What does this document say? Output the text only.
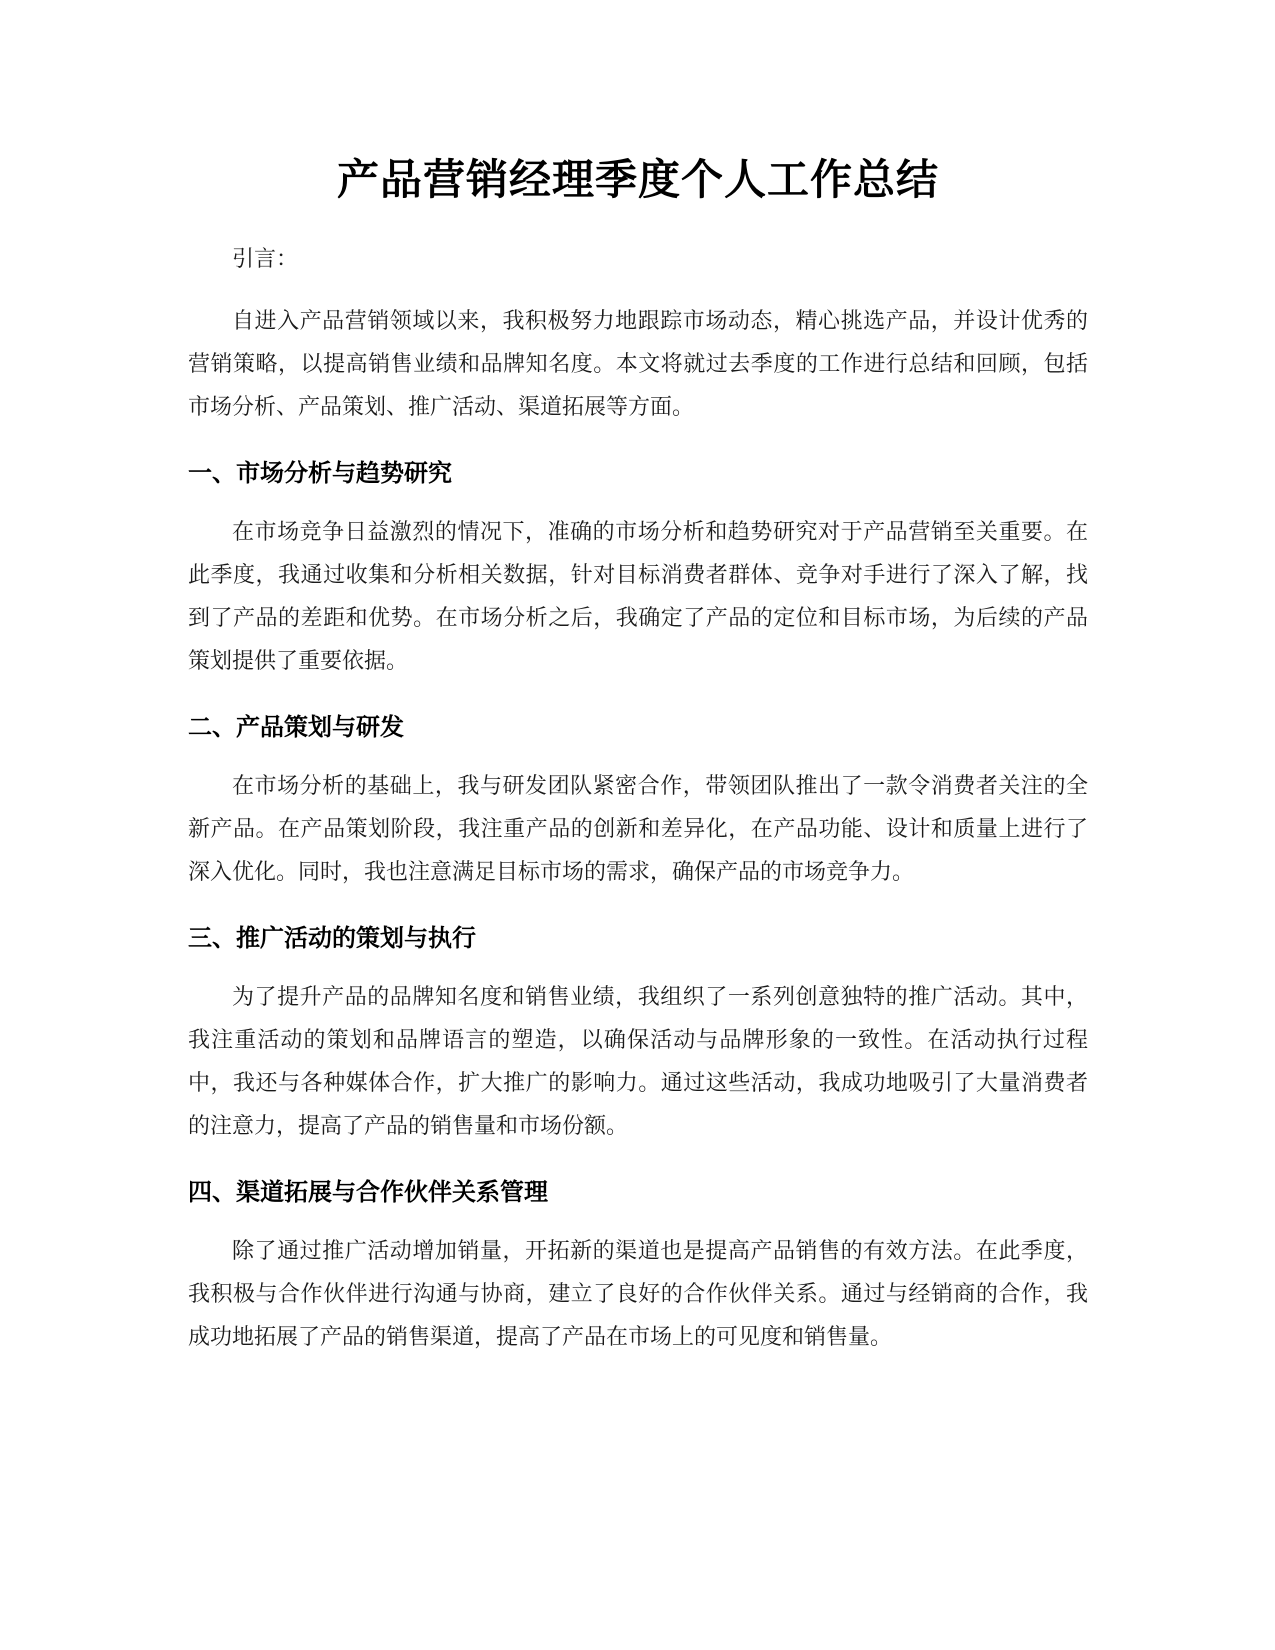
产品营销经理季度个人工作总结

引言：

自进入产品营销领域以来，我积极努力地跟踪市场动态，精心挑选产品，并设计优秀的营销策略，以提高销售业绩和品牌知名度。本文将就过去季度的工作进行总结和回顾，包括市场分析、产品策划、推广活动、渠道拓展等方面。

一、市场分析与趋势研究

在市场竞争日益激烈的情况下，准确的市场分析和趋势研究对于产品营销至关重要。在此季度，我通过收集和分析相关数据，针对目标消费者群体、竞争对手进行了深入了解，找到了产品的差距和优势。在市场分析之后，我确定了产品的定位和目标市场，为后续的产品策划提供了重要依据。

二、产品策划与研发

在市场分析的基础上，我与研发团队紧密合作，带领团队推出了一款令消费者关注的全新产品。在产品策划阶段，我注重产品的创新和差异化，在产品功能、设计和质量上进行了深入优化。同时，我也注意满足目标市场的需求，确保产品的市场竞争力。

三、推广活动的策划与执行

为了提升产品的品牌知名度和销售业绩，我组织了一系列创意独特的推广活动。其中，我注重活动的策划和品牌语言的塑造，以确保活动与品牌形象的一致性。在活动执行过程中，我还与各种媒体合作，扩大推广的影响力。通过这些活动，我成功地吸引了大量消费者的注意力，提高了产品的销售量和市场份额。

四、渠道拓展与合作伙伴关系管理

除了通过推广活动增加销量，开拓新的渠道也是提高产品销售的有效方法。在此季度，我积极与合作伙伴进行沟通与协商，建立了良好的合作伙伴关系。通过与经销商的合作，我成功地拓展了产品的销售渠道，提高了产品在市场上的可见度和销售量。
